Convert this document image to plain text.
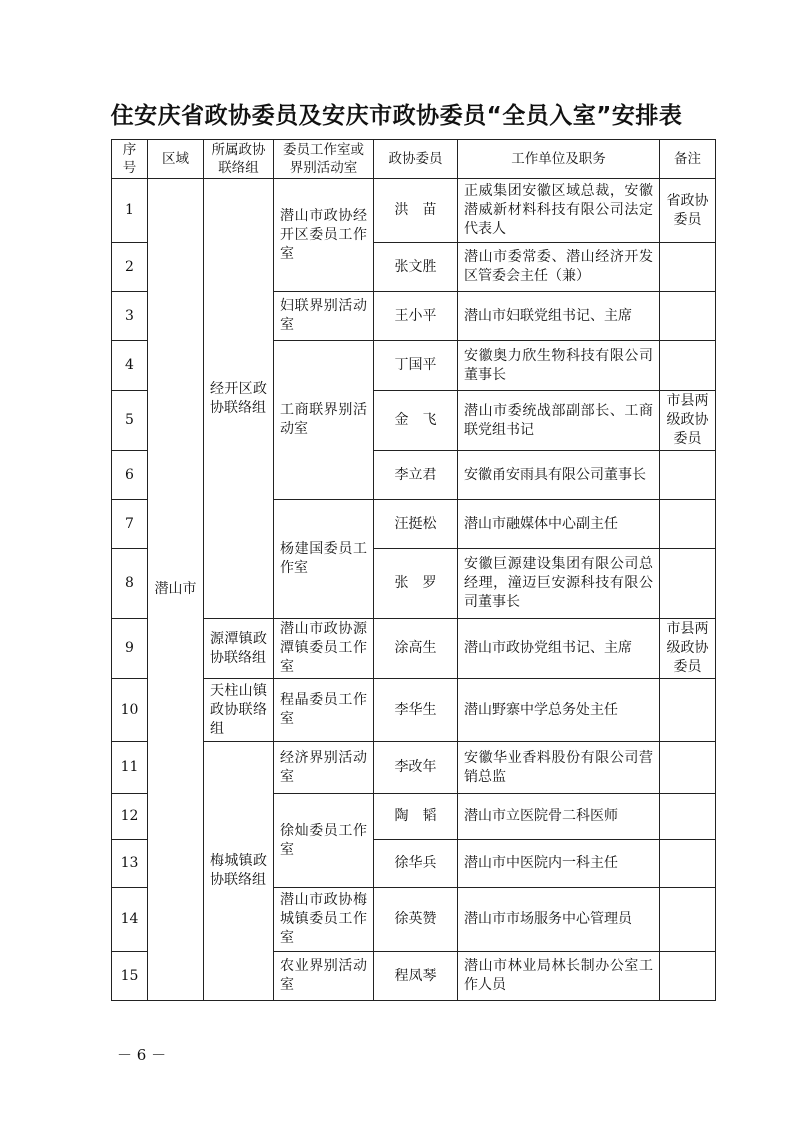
住安庆省政协委员及安庆市政协委员“全员入室”安排表
序号	区域	所属政协联络组	委员工作室或界别活动室	政协委员	工作单位及职务	备注
1	潜山市	经开区政协联络组	潜山市政协经开区委员工作室	洪　苗	正威集团安徽区域总裁，安徽潜威新材料科技有限公司法定代表人	省政协委员
2				张文胜	潜山市委常委、潜山经济开发区管委会主任（兼）	
3			妇联界别活动室	王小平	潜山市妇联党组书记、主席	
4			工商联界别活动室	丁国平	安徽奥力欣生物科技有限公司董事长	
5				金　飞	潜山市委统战部副部长、工商联党组书记	市县两级政协委员
6				李立君	安徽甬安雨具有限公司董事长	
7			杨建国委员工作室	汪挺松	潜山市融媒体中心副主任	
8				张　罗	安徽巨源建设集团有限公司总经理，潼迈巨安源科技有限公司董事长	
9		源潭镇政协联络组	潜山市政协源潭镇委员工作室	涂高生	潜山市政协党组书记、主席	市县两级政协委员
10		天柱山镇政协联络组	程晶委员工作室	李华生	潜山野寨中学总务处主任	
11		梅城镇政协联络组	经济界别活动室	李改年	安徽华业香料股份有限公司营销总监	
12			徐灿委员工作室	陶　韬	潜山市立医院骨二科医师	
13				徐华兵	潜山市中医院内一科主任	
14			潜山市政协梅城镇委员工作室	徐英赞	潜山市市场服务中心管理员	
15			农业界别活动室	程凤琴	潜山市林业局林长制办公室工作人员	
－ 6 －
